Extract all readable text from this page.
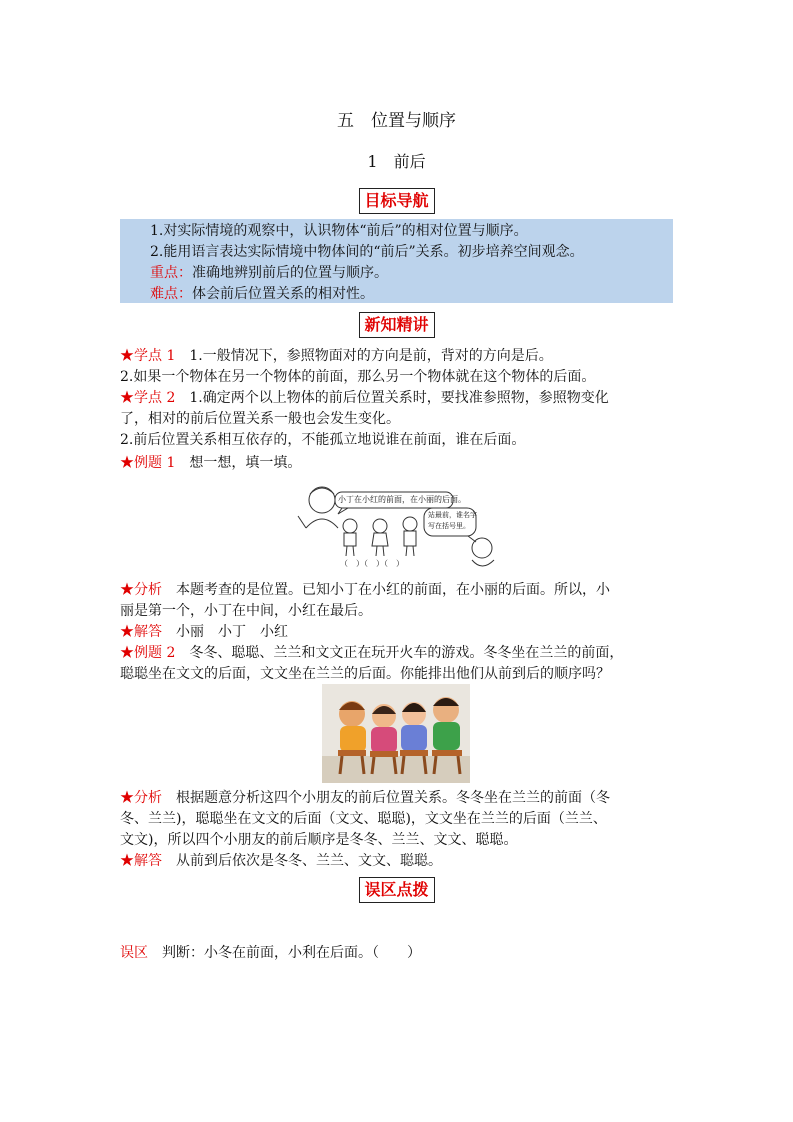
五　位置与顺序
1　前后
目标导航
1.对实际情境的观察中，认识物体“前后”的相对位置与顺序。
2.能用语言表达实际情境中物体间的“前后”关系。初步培养空间观念。
重点：准确地辨别前后的位置与顺序。
难点：体会前后位置关系的相对性。
新知精讲
★学点 1　 1.一般情况下，参照物面对的方向是前，背对的方向是后。
2.如果一个物体在另一个物体的前面，那么另一个物体就在这个物体的后面。
★学点 2　 1.确定两个以上物体的前后位置关系时，要找准参照物，参照物变化
了，相对的前后位置关系一般也会发生变化。
2.前后位置关系相互依存的，不能孤立地说谁在前面，谁在后面。
★例题 1　 想一想，填一填。
小丁在小红的前面，在小丽的后面。
站最前，谁名字
写在括号里。
（　）（　）（　）
★分析　 本题考查的是位置。已知小丁在小红的前面，在小丽的后面。所以，小
丽是第一个，小丁在中间，小红在最后。
★解答　 小丽　小丁　小红
★例题 2　 冬冬、聪聪、兰兰和文文正在玩开火车的游戏。冬冬坐在兰兰的前面，
聪聪坐在文文的后面，文文坐在兰兰的后面。你能排出他们从前到后的顺序吗？
★分析　 根据题意分析这四个小朋友的前后位置关系。冬冬坐在兰兰的前面（冬
冬、兰兰)，聪聪坐在文文的后面（文文、聪聪)，文文坐在兰兰的后面（兰兰、
文文)，所以四个小朋友的前后顺序是冬冬、兰兰、文文、聪聪。
★解答　 从前到后依次是冬冬、兰兰、文文、聪聪。
误区点拨
误区　 判断：小冬在前面，小利在后面。（　　）
